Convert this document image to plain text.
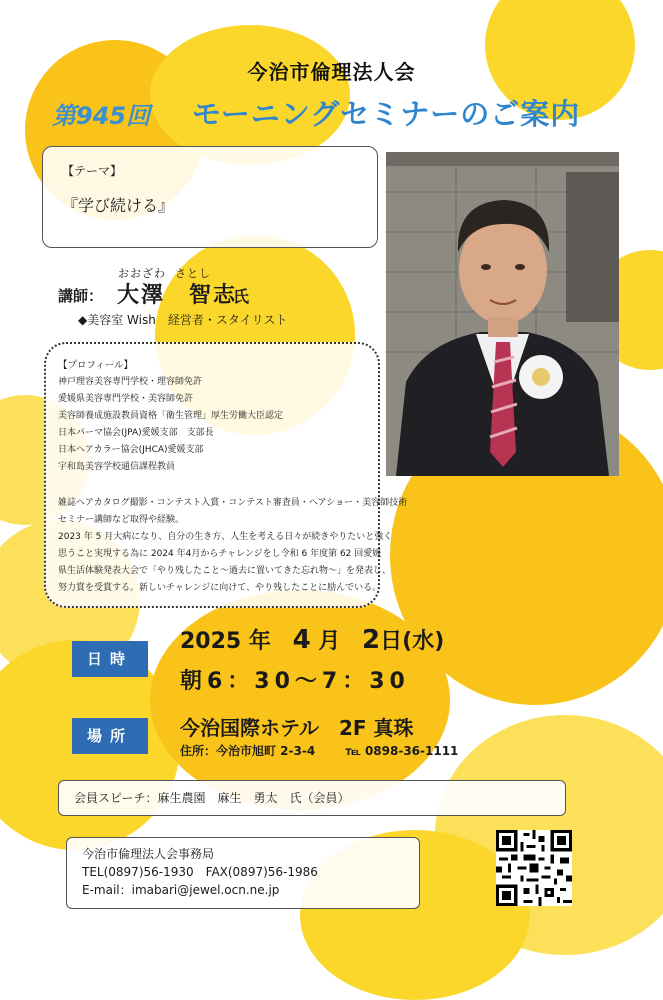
今治市倫理法人会
第945回 モーニングセミナーのご案内
【テーマ】
『学び続ける』
おおざわ さとし
講師： 大澤　智志
氏
◆美容室 Wish　経営者・スタイリスト
【プロフィール】
神戸理容美容専門学校・理容師免許
愛媛県美容専門学校・美容師免許
美容師養成施設教員資格「衛生管理」厚生労働大臣認定
日本パーマ協会(JPA)愛媛支部　支部長
日本ヘアカラー協会(JHCA)愛媛支部
宇和島美容学校通信課程教員
雑誌ヘアカタログ撮影・コンテスト入賞・コンテスト審査員・ヘアショー・美容師技術
セミナー講師など取得や経験。
2023 年 5 月大病になり、自分の生き方、人生を考える日々が続きやりたいと強く
思うこと実現する為に 2024 年4月からチャレンジをし令和 6 年度第 62 回愛媛
県生活体験発表大会で「やり残したこと～過去に置いてきた忘れ物～」を発表し、
努力賞を受賞する。新しいチャレンジに向けて、やり残したことに励んでいる。
日時
2025 年 4 月 2日(水)
朝6：30～7：30
場所	今治国際ホテル　2F 真珠
住所：今治市旭町 2-3-4	℡ 0898-36-1111
会員スピーチ：麻生農園　麻生　勇太　氏（会員）
今治市倫理法人会事務局
TEL(0897)56-1930　FAX(0897)56-1986
E-mail：imabari@jewel.ocn.ne.jp
